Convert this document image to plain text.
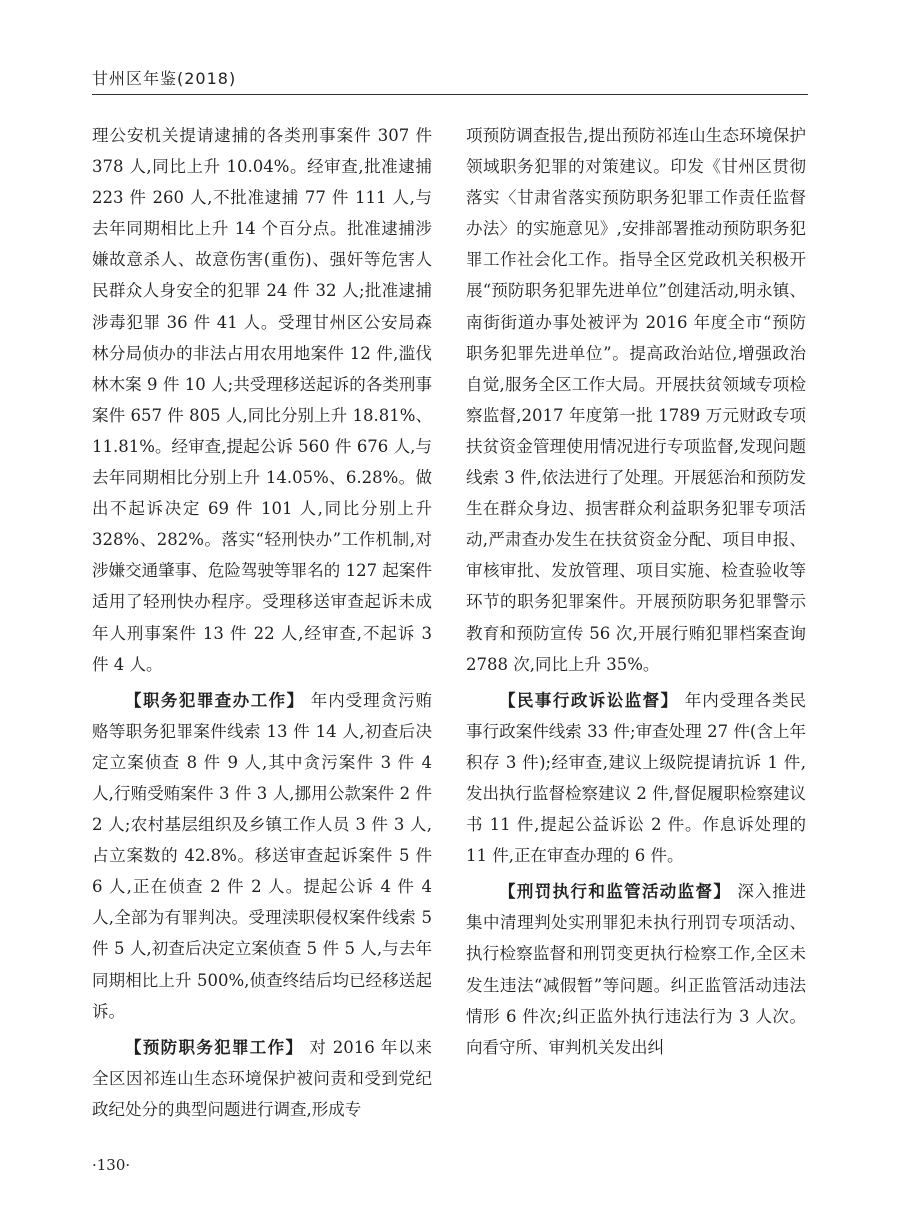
甘州区年鉴(2018)

理公安机关提请逮捕的各类刑事案件 307 件 378 人,同比上升 10.04%。经审查,批准逮捕 223 件 260 人,不批准逮捕 77 件 111 人,与去年同期相比上升 14 个百分点。批准逮捕涉嫌故意杀人、故意伤害(重伤)、强奸等危害人民群众人身安全的犯罪 24 件 32 人;批准逮捕涉毒犯罪 36 件 41 人。受理甘州区公安局森林分局侦办的非法占用农用地案件 12 件,滥伐林木案 9 件 10 人;共受理移送起诉的各类刑事案件 657 件 805 人,同比分别上升 18.81%、11.81%。经审查,提起公诉 560 件 676 人,与去年同期相比分别上升 14.05%、6.28%。做出不起诉决定 69 件 101 人,同比分别上升 328%、282%。落实“轻刑快办”工作机制,对涉嫌交通肇事、危险驾驶等罪名的 127 起案件适用了轻刑快办程序。受理移送审查起诉未成年人刑事案件 13 件 22 人,经审查,不起诉 3 件 4 人。

【职务犯罪查办工作】 年内受理贪污贿赂等职务犯罪案件线索 13 件 14 人,初查后决定立案侦查 8 件 9 人,其中贪污案件 3 件 4 人,行贿受贿案件 3 件 3 人,挪用公款案件 2 件 2 人;农村基层组织及乡镇工作人员 3 件 3 人,占立案数的 42.8%。移送审查起诉案件 5 件 6 人,正在侦查 2 件 2 人。提起公诉 4 件 4 人,全部为有罪判决。受理渎职侵权案件线索 5 件 5 人,初查后决定立案侦查 5 件 5 人,与去年同期相比上升 500%,侦查终结后均已经移送起诉。

【预防职务犯罪工作】 对 2016 年以来全区因祁连山生态环境保护被问责和受到党纪政纪处分的典型问题进行调查,形成专

项预防调查报告,提出预防祁连山生态环境保护领域职务犯罪的对策建议。印发《甘州区贯彻落实〈甘肃省落实预防职务犯罪工作责任监督办法〉的实施意见》,安排部署推动预防职务犯罪工作社会化工作。指导全区党政机关积极开展“预防职务犯罪先进单位”创建活动,明永镇、南街街道办事处被评为 2016 年度全市“预防职务犯罪先进单位”。提高政治站位,增强政治自觉,服务全区工作大局。开展扶贫领域专项检察监督,2017 年度第一批 1789 万元财政专项扶贫资金管理使用情况进行专项监督,发现问题线索 3 件,依法进行了处理。开展惩治和预防发生在群众身边、损害群众利益职务犯罪专项活动,严肃查办发生在扶贫资金分配、项目申报、审核审批、发放管理、项目实施、检查验收等环节的职务犯罪案件。开展预防职务犯罪警示教育和预防宣传 56 次,开展行贿犯罪档案查询 2788 次,同比上升 35%。

【民事行政诉讼监督】 年内受理各类民事行政案件线索 33 件;审查处理 27 件(含上年积存 3 件);经审查,建议上级院提请抗诉 1 件,发出执行监督检察建议 2 件,督促履职检察建议书 11 件,提起公益诉讼 2 件。作息诉处理的 11 件,正在审查办理的 6 件。

【刑罚执行和监管活动监督】 深入推进集中清理判处实刑罪犯未执行刑罚专项活动、执行检察监督和刑罚变更执行检察工作,全区未发生违法“减假暂”等问题。纠正监管活动违法情形 6 件次;纠正监外执行违法行为 3 人次。向看守所、审判机关发出纠

·130·
